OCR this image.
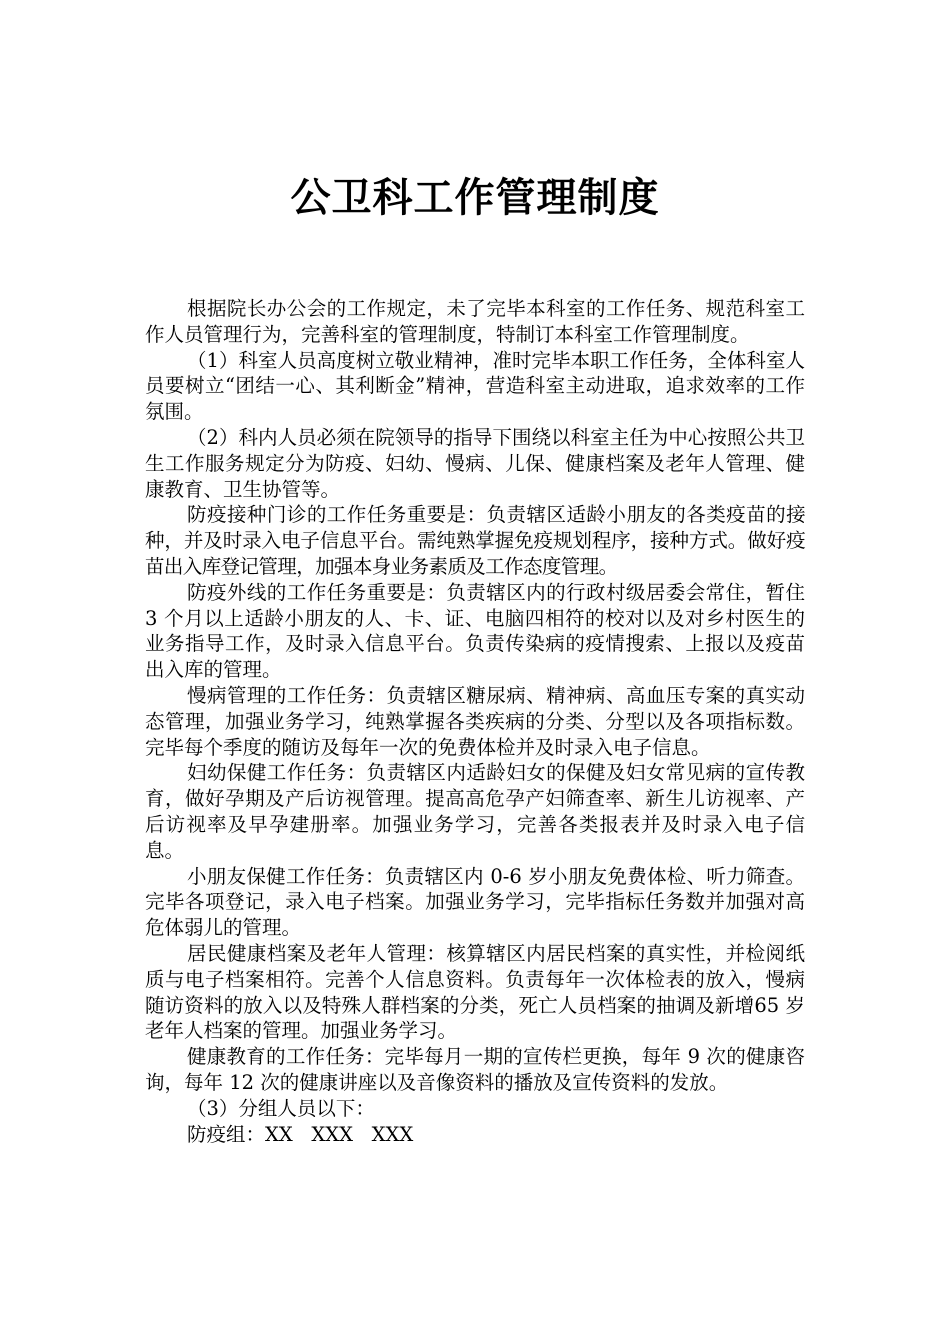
公卫科工作管理制度

根据院长办公会的工作规定，未了完毕本科室的工作任务、规范科室工作人员管理行为，完善科室的管理制度，特制订本科室工作管理制度。

（1）科室人员高度树立敬业精神，准时完毕本职工作任务，全体科室人员要树立“团结一心、其利断金”精神，营造科室主动进取，追求效率的工作氛围。

（2）科内人员必须在院领导的指导下围绕以科室主任为中心按照公共卫生工作服务规定分为防疫、妇幼、慢病、儿保、健康档案及老年人管理、健康教育、卫生协管等。

防疫接种门诊的工作任务重要是：负责辖区适龄小朋友的各类疫苗的接种，并及时录入电子信息平台。需纯熟掌握免疫规划程序，接种方式。做好疫苗出入库登记管理，加强本身业务素质及工作态度管理。

防疫外线的工作任务重要是：负责辖区内的行政村级居委会常住，暂住 3 个月以上适龄小朋友的人、卡、证、电脑四相符的校对以及对乡村医生的业务指导工作，及时录入信息平台。负责传染病的疫情搜索、上报以及疫苗出入库的管理。

慢病管理的工作任务：负责辖区糖尿病、精神病、高血压专案的真实动态管理，加强业务学习，纯熟掌握各类疾病的分类、分型以及各项指标数。完毕每个季度的随访及每年一次的免费体检并及时录入电子信息。

妇幼保健工作任务：负责辖区内适龄妇女的保健及妇女常见病的宣传教育，做好孕期及产后访视管理。提高高危孕产妇筛查率、新生儿访视率、产后访视率及早孕建册率。加强业务学习，完善各类报表并及时录入电子信息。

小朋友保健工作任务：负责辖区内 0-6 岁小朋友免费体检、听力筛查。完毕各项登记，录入电子档案。加强业务学习，完毕指标任务数并加强对高危体弱儿的管理。

居民健康档案及老年人管理：核算辖区内居民档案的真实性，并检阅纸质与电子档案相符。完善个人信息资料。负责每年一次体检表的放入，慢病随访资料的放入以及特殊人群档案的分类，死亡人员档案的抽调及新增65 岁老年人档案的管理。加强业务学习。

健康教育的工作任务：完毕每月一期的宣传栏更换，每年 9 次的健康咨询，每年 12 次的健康讲座以及音像资料的播放及宣传资料的发放。

（3）分组人员以下：

防疫组：XX   XXX   XXX
